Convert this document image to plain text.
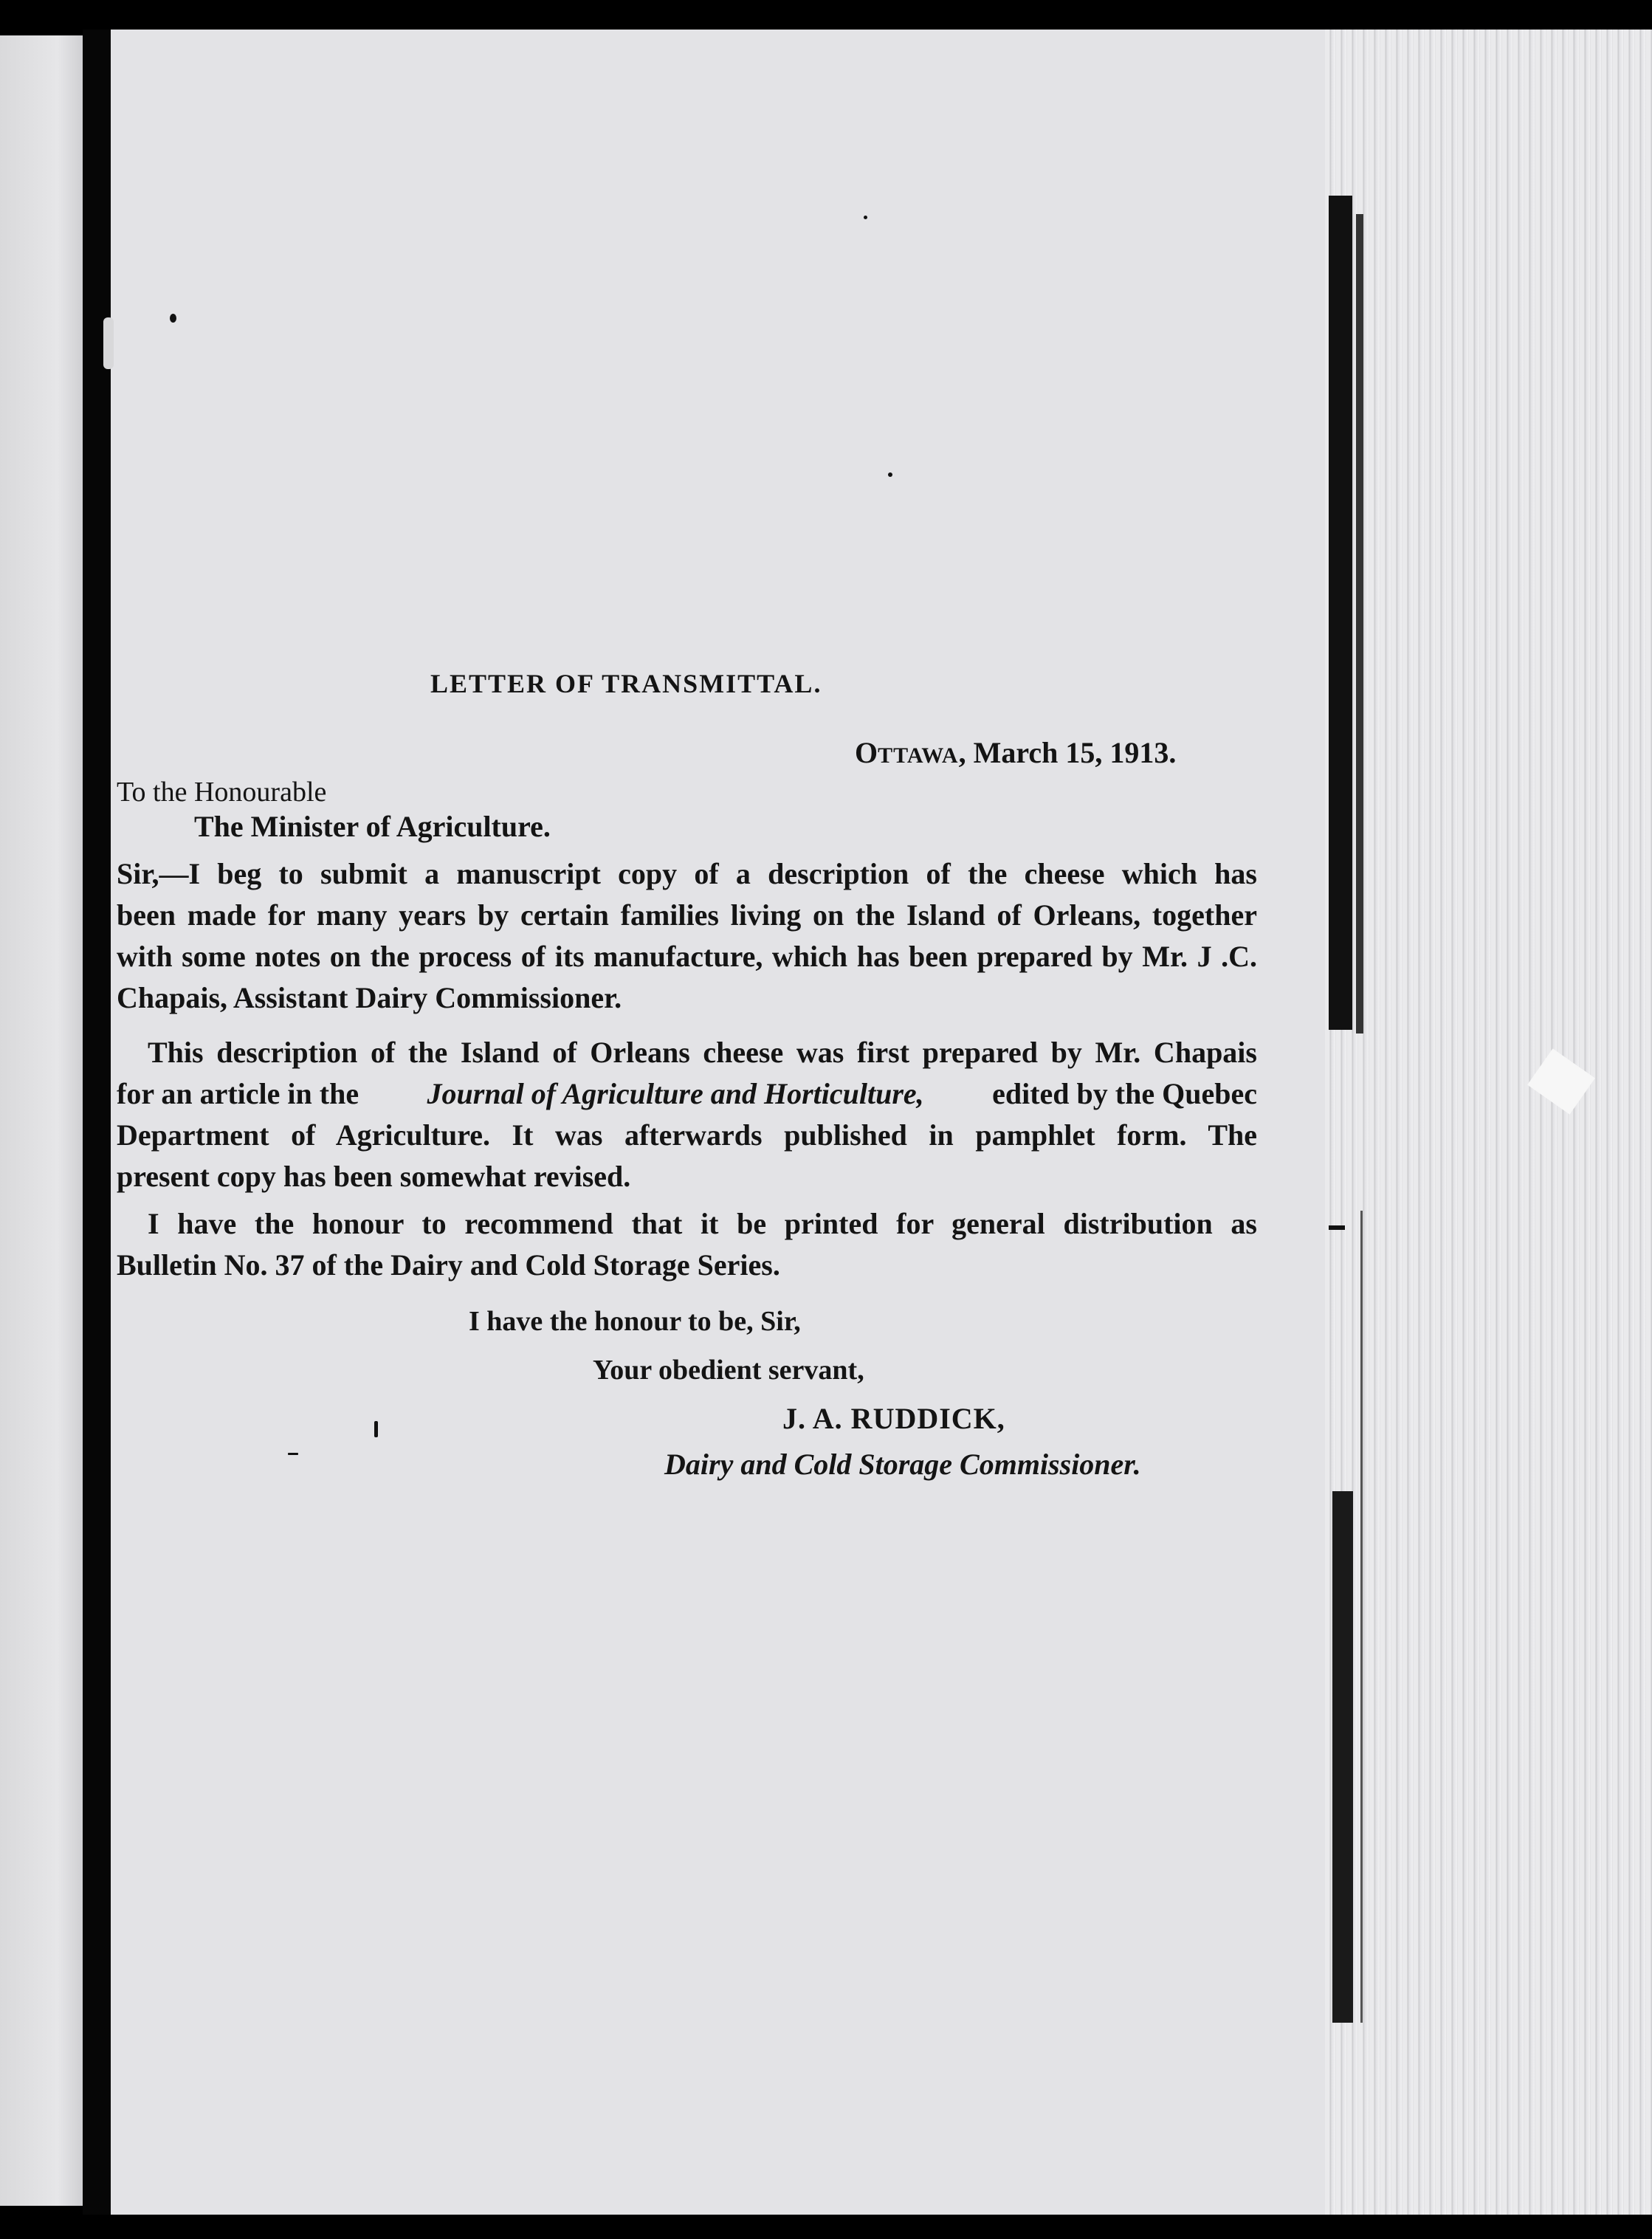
LETTER OF TRANSMITTAL.
OTTAWA, March 15, 1913.
To the Honourable
The Minister of Agriculture.
Sir,—I beg to submit a manuscript copy of a description of the cheese which has
been made for many years by certain families living on the Island of Orleans, together
with some notes on the process of its manufacture, which has been prepared by Mr. J .C.
Chapais, Assistant Dairy Commissioner.
This description of the Island of Orleans cheese was first prepared by Mr. Chapais
for an article in the Journal of Agriculture and Horticulture, edited by the Quebec
Department of Agriculture. It was afterwards published in pamphlet form. The
present copy has been somewhat revised.
I have the honour to recommend that it be printed for general distribution as
Bulletin No. 37 of the Dairy and Cold Storage Series.
I have the honour to be, Sir,
Your obedient servant,
J. A. RUDDICK,
Dairy and Cold Storage Commissioner.
